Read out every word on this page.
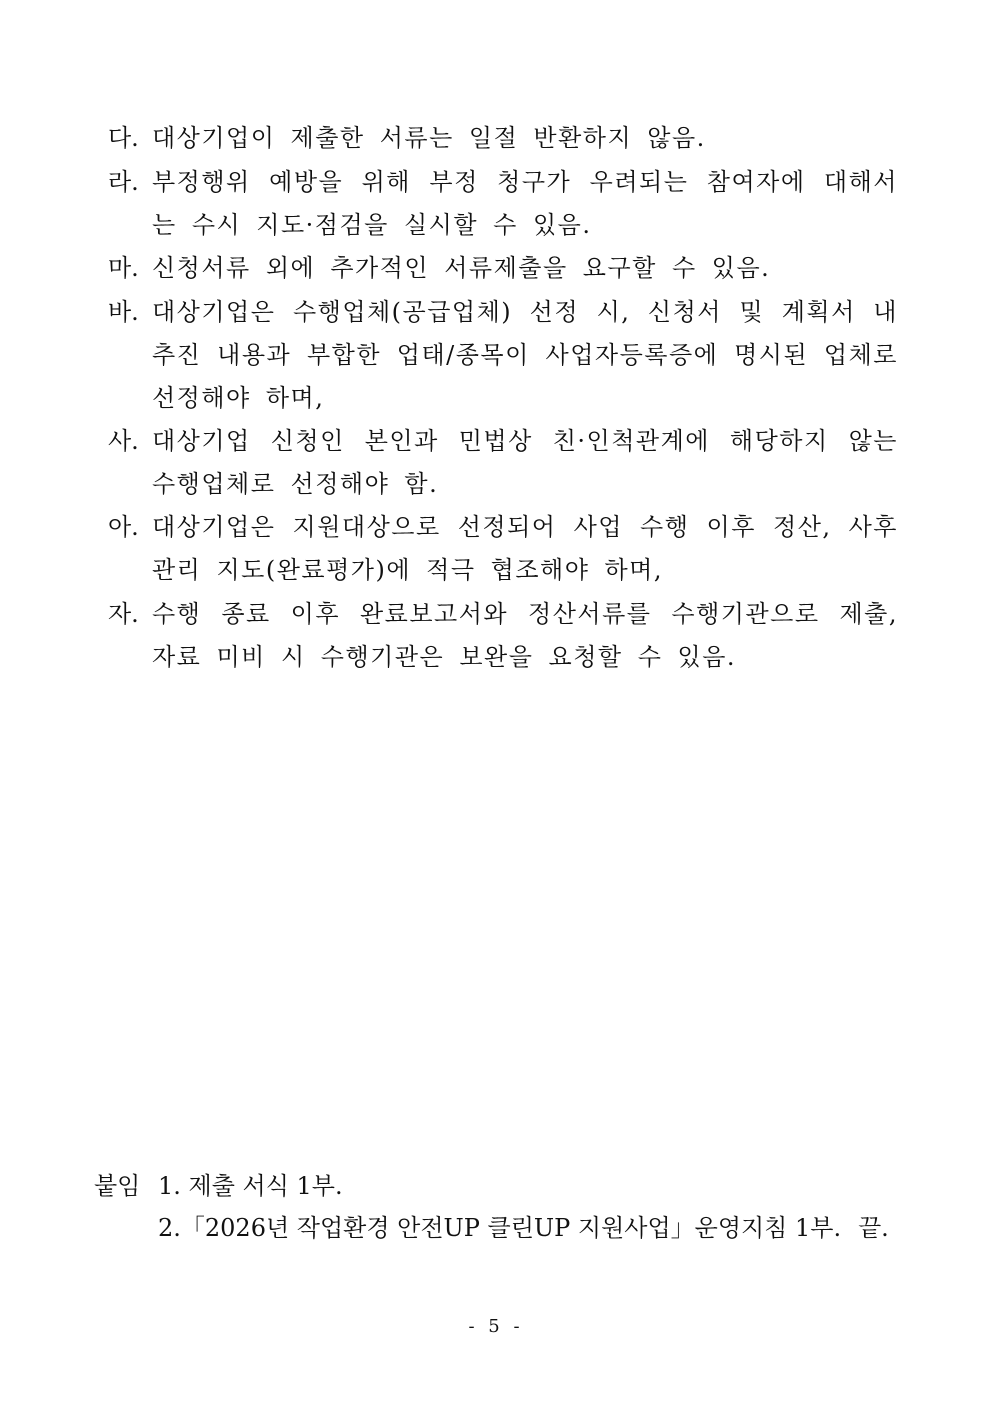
다. 대상기업이 제출한 서류는 일절 반환하지 않음.
라. 부정행위 예방을 위해 부정 청구가 우려되는 참여자에 대해서는 수시 지도·점검을 실시할 수 있음.
마. 신청서류 외에 추가적인 서류제출을 요구할 수 있음.
바. 대상기업은 수행업체(공급업체) 선정 시, 신청서 및 계획서 내 추진 내용과 부합한 업태/종목이 사업자등록증에 명시된 업체로 선정해야 하며,
사. 대상기업 신청인 본인과 민법상 친·인척관계에 해당하지 않는 수행업체로 선정해야 함.
아. 대상기업은 지원대상으로 선정되어 사업 수행 이후 정산, 사후관리 지도(완료평가)에 적극 협조해야 하며,
자. 수행 종료 이후 완료보고서와 정산서류를 수행기관으로 제출, 자료 미비 시 수행기관은 보완을 요청할 수 있음.
붙임 1. 제출 서식 1부.
2.「2026년 작업환경 안전UP 클린UP 지원사업」운영지침 1부. 끝.
- 5 -
